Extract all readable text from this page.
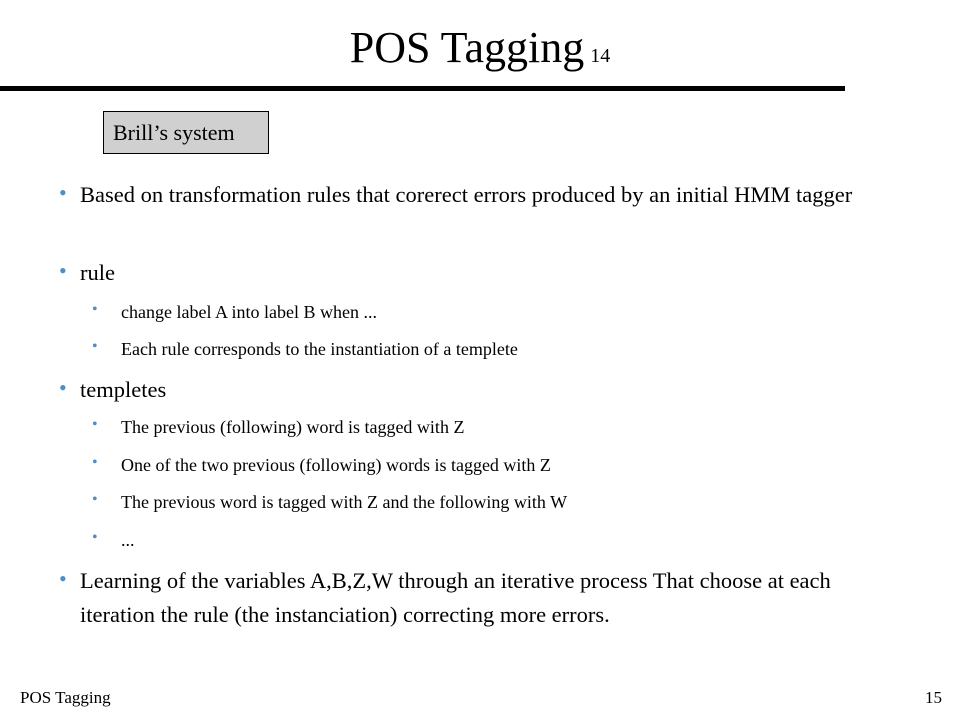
POS Tagging 14
Brill’s system
• Based on transformation rules that corerect errors produced by an initial HMM tagger
• rule
• change label A into label B when ...
• Each rule corresponds to the instantiation of a templete
• templetes
• The previous (following) word is tagged with Z
• One of the two previous (following) words is tagged with Z
• The previous word is tagged with Z and the following with W
• ...
• Learning of the variables A,B,Z,W through an iterative process That choose at each iteration the rule (the instanciation) correcting more errors.
POS Tagging	15
